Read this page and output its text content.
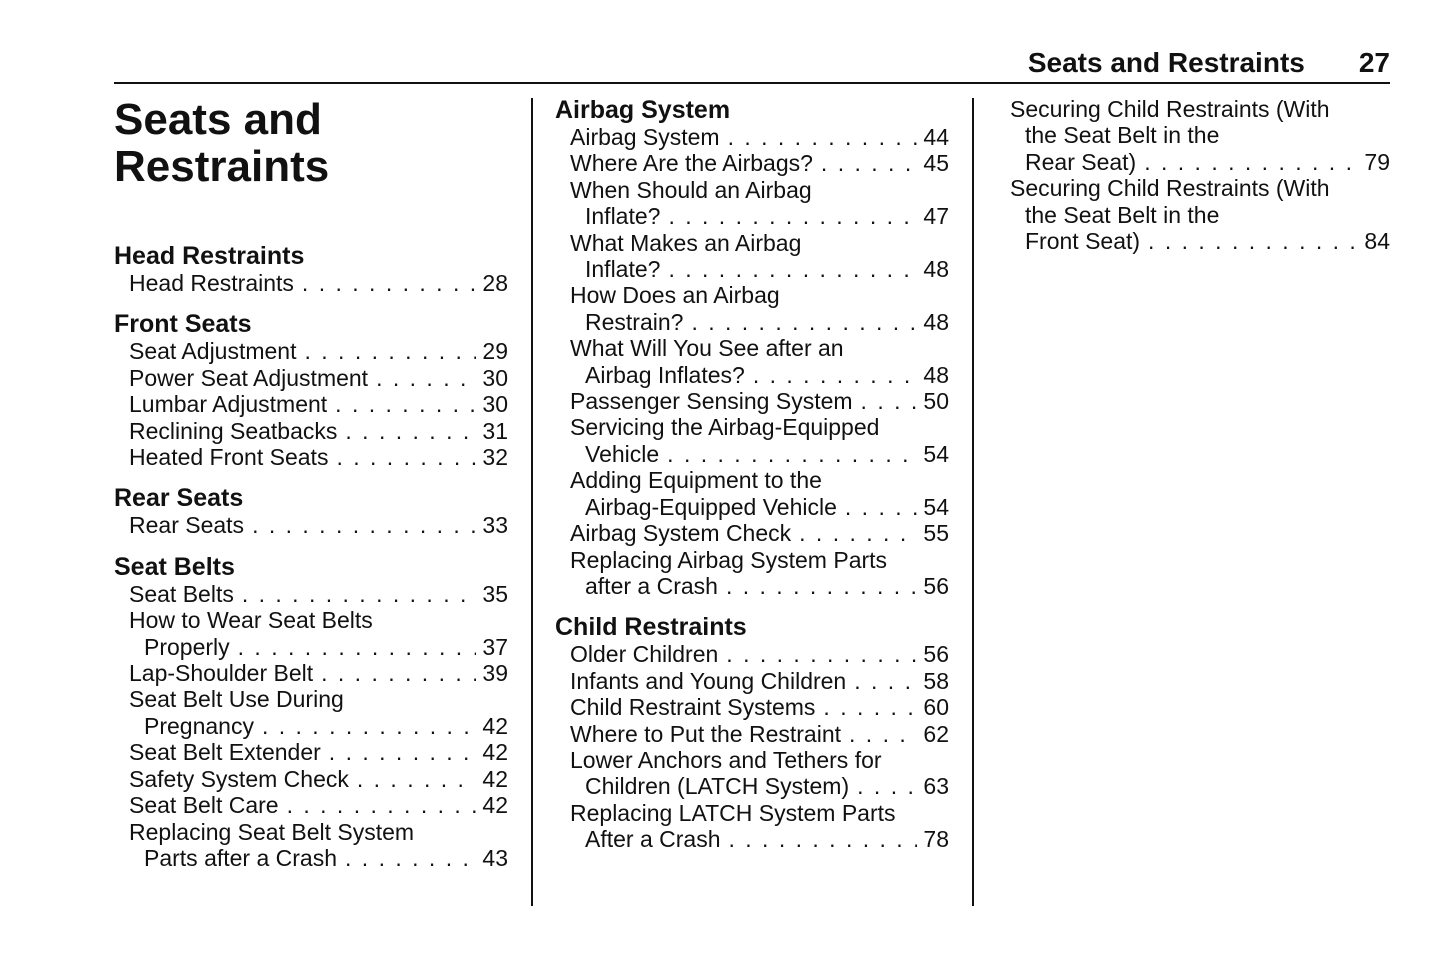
Seats and Restraints 27
Seats and
Restraints
Head Restraints
Head Restraints . . .	28
Front Seats
Seat Adjustment . . .	29
Power Seat Adjustment . . .	30
Lumbar Adjustment . . .	30
Reclining Seatbacks . . .	31
Heated Front Seats . . .	32
Rear Seats
Rear Seats . . .	33
Seat Belts
Seat Belts . . .	35
How to Wear Seat Belts
Properly . . .	37
Lap-Shoulder Belt . . .	39
Seat Belt Use During
Pregnancy . . .	42
Seat Belt Extender . . .	42
Safety System Check . . .	42
Seat Belt Care . . .	42
Replacing Seat Belt System
Parts after a Crash . . .	43
Airbag System
Airbag System . . .	44
Where Are the Airbags? . . .	45
When Should an Airbag
Inflate? . . .	47
What Makes an Airbag
Inflate? . . .	48
How Does an Airbag
Restrain? . . .	48
What Will You See after an
Airbag Inflates? . . .	48
Passenger Sensing System . . .	50
Servicing the Airbag-Equipped
Vehicle . . .	54
Adding Equipment to the
Airbag-Equipped Vehicle . . .	54
Airbag System Check . . .	55
Replacing Airbag System Parts
after a Crash . . .	56
Child Restraints
Older Children . . .	56
Infants and Young Children . . .	58
Child Restraint Systems . . .	60
Where to Put the Restraint . . .	62
Lower Anchors and Tethers for
Children (LATCH System) . . .	63
Replacing LATCH System Parts
After a Crash . . .	78
Securing Child Restraints (With
the Seat Belt in the
Rear Seat) . . .	79
Securing Child Restraints (With
the Seat Belt in the
Front Seat) . . .	84
